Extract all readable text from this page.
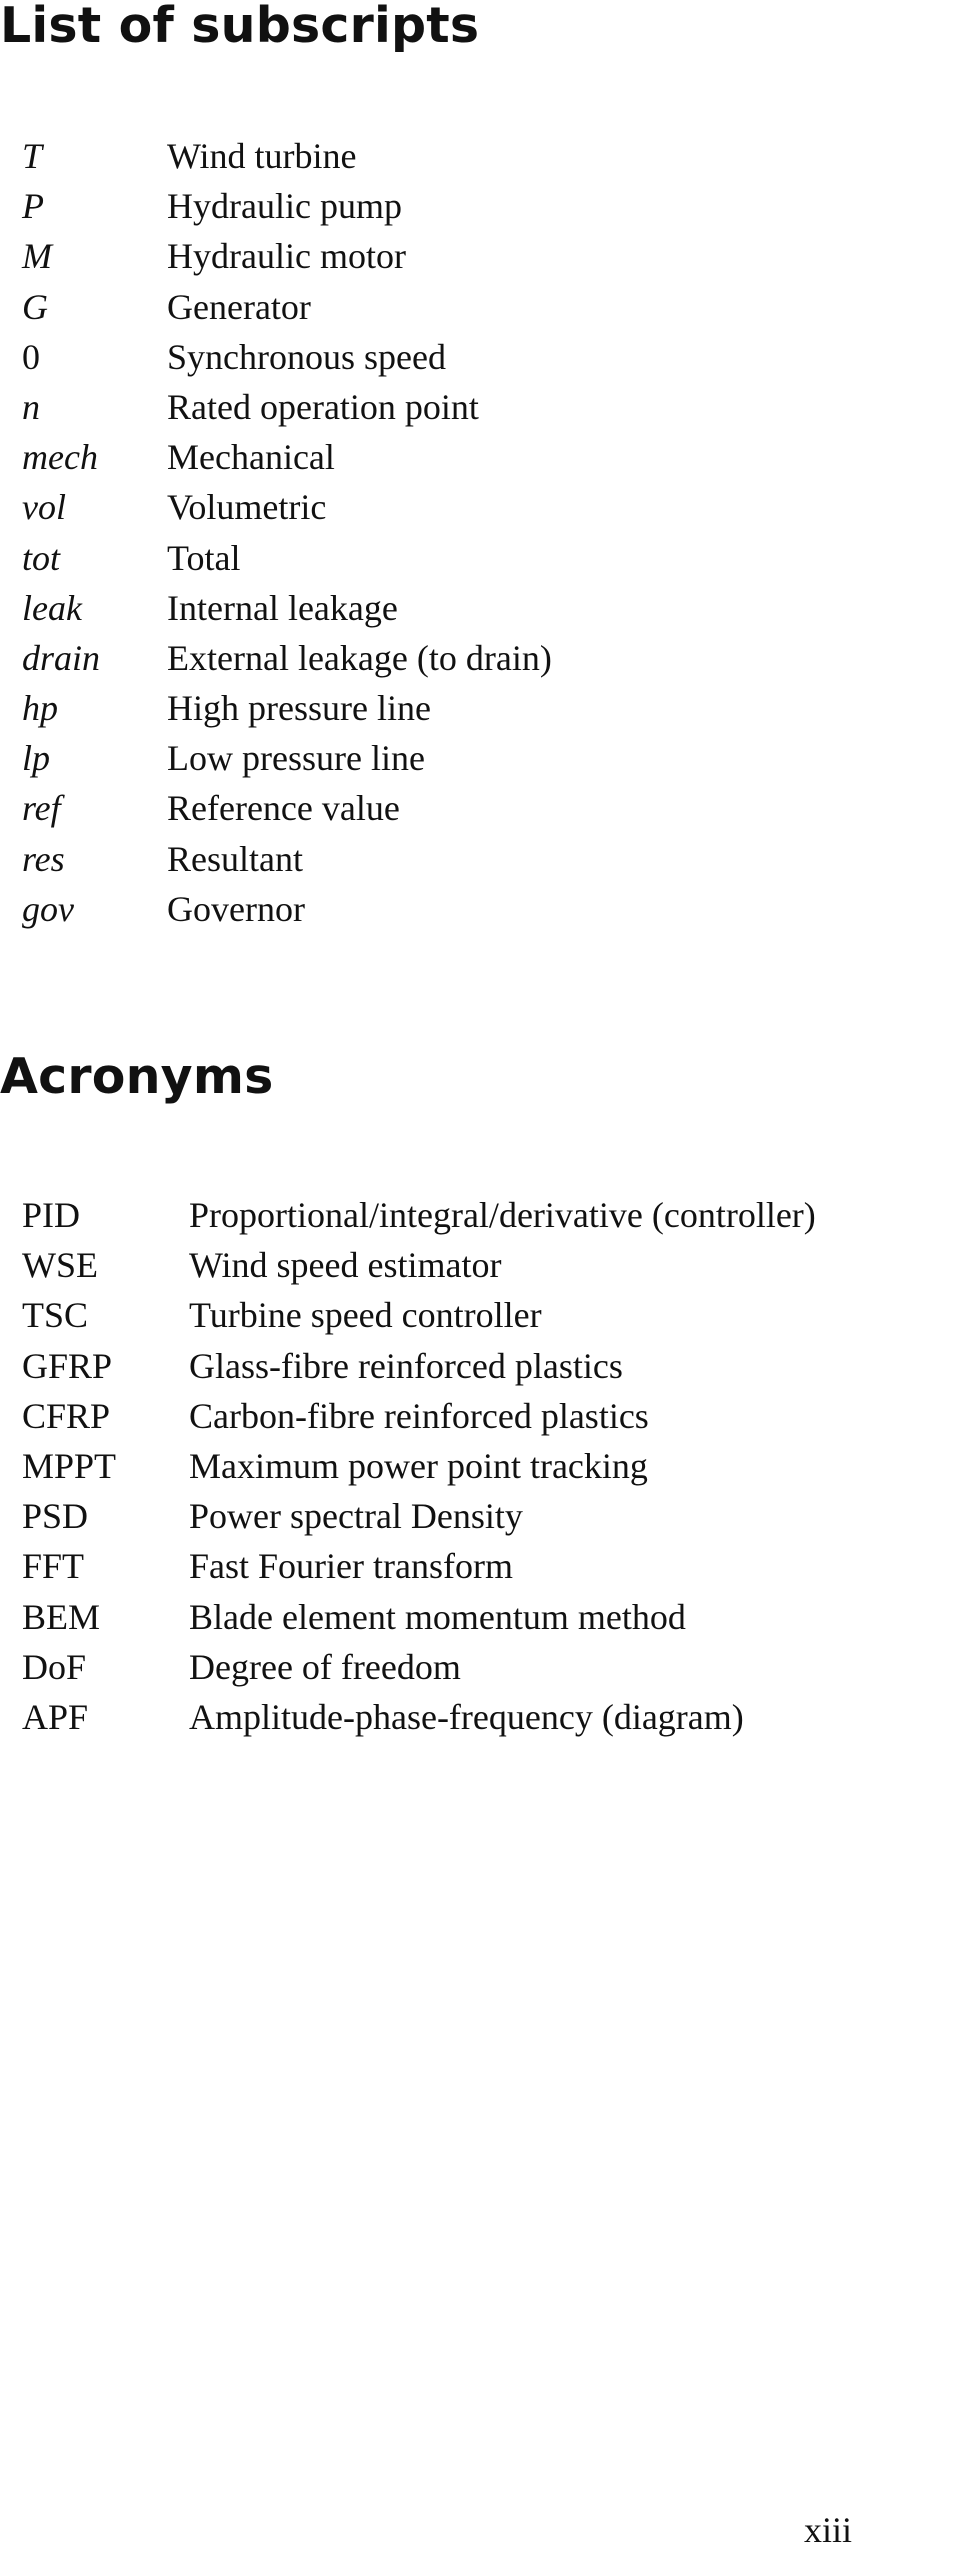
List of subscripts
T	Wind turbine
P	Hydraulic pump
M	Hydraulic motor
G	Generator
0	Synchronous speed
n	Rated operation point
mech Mechanical
vol	Volumetric
tot	Total
leak Internal leakage
drain External leakage (to drain)
hp	High pressure line
lp	Low pressure line
ref	Reference value
res	Resultant
gov	Governor
Acronyms
PID	Proportional/integral/derivative (controller)
WSE	Wind speed estimator
TSC	Turbine speed controller
GFRP Glass-fibre reinforced plastics
CFRP Carbon-fibre reinforced plastics
MPPT Maximum power point tracking
PSD	Power spectral Density
FFT	Fast Fourier transform
BEM Blade element momentum method
DoF	Degree of freedom
APF	Amplitude-phase-frequency (diagram)
xiii
